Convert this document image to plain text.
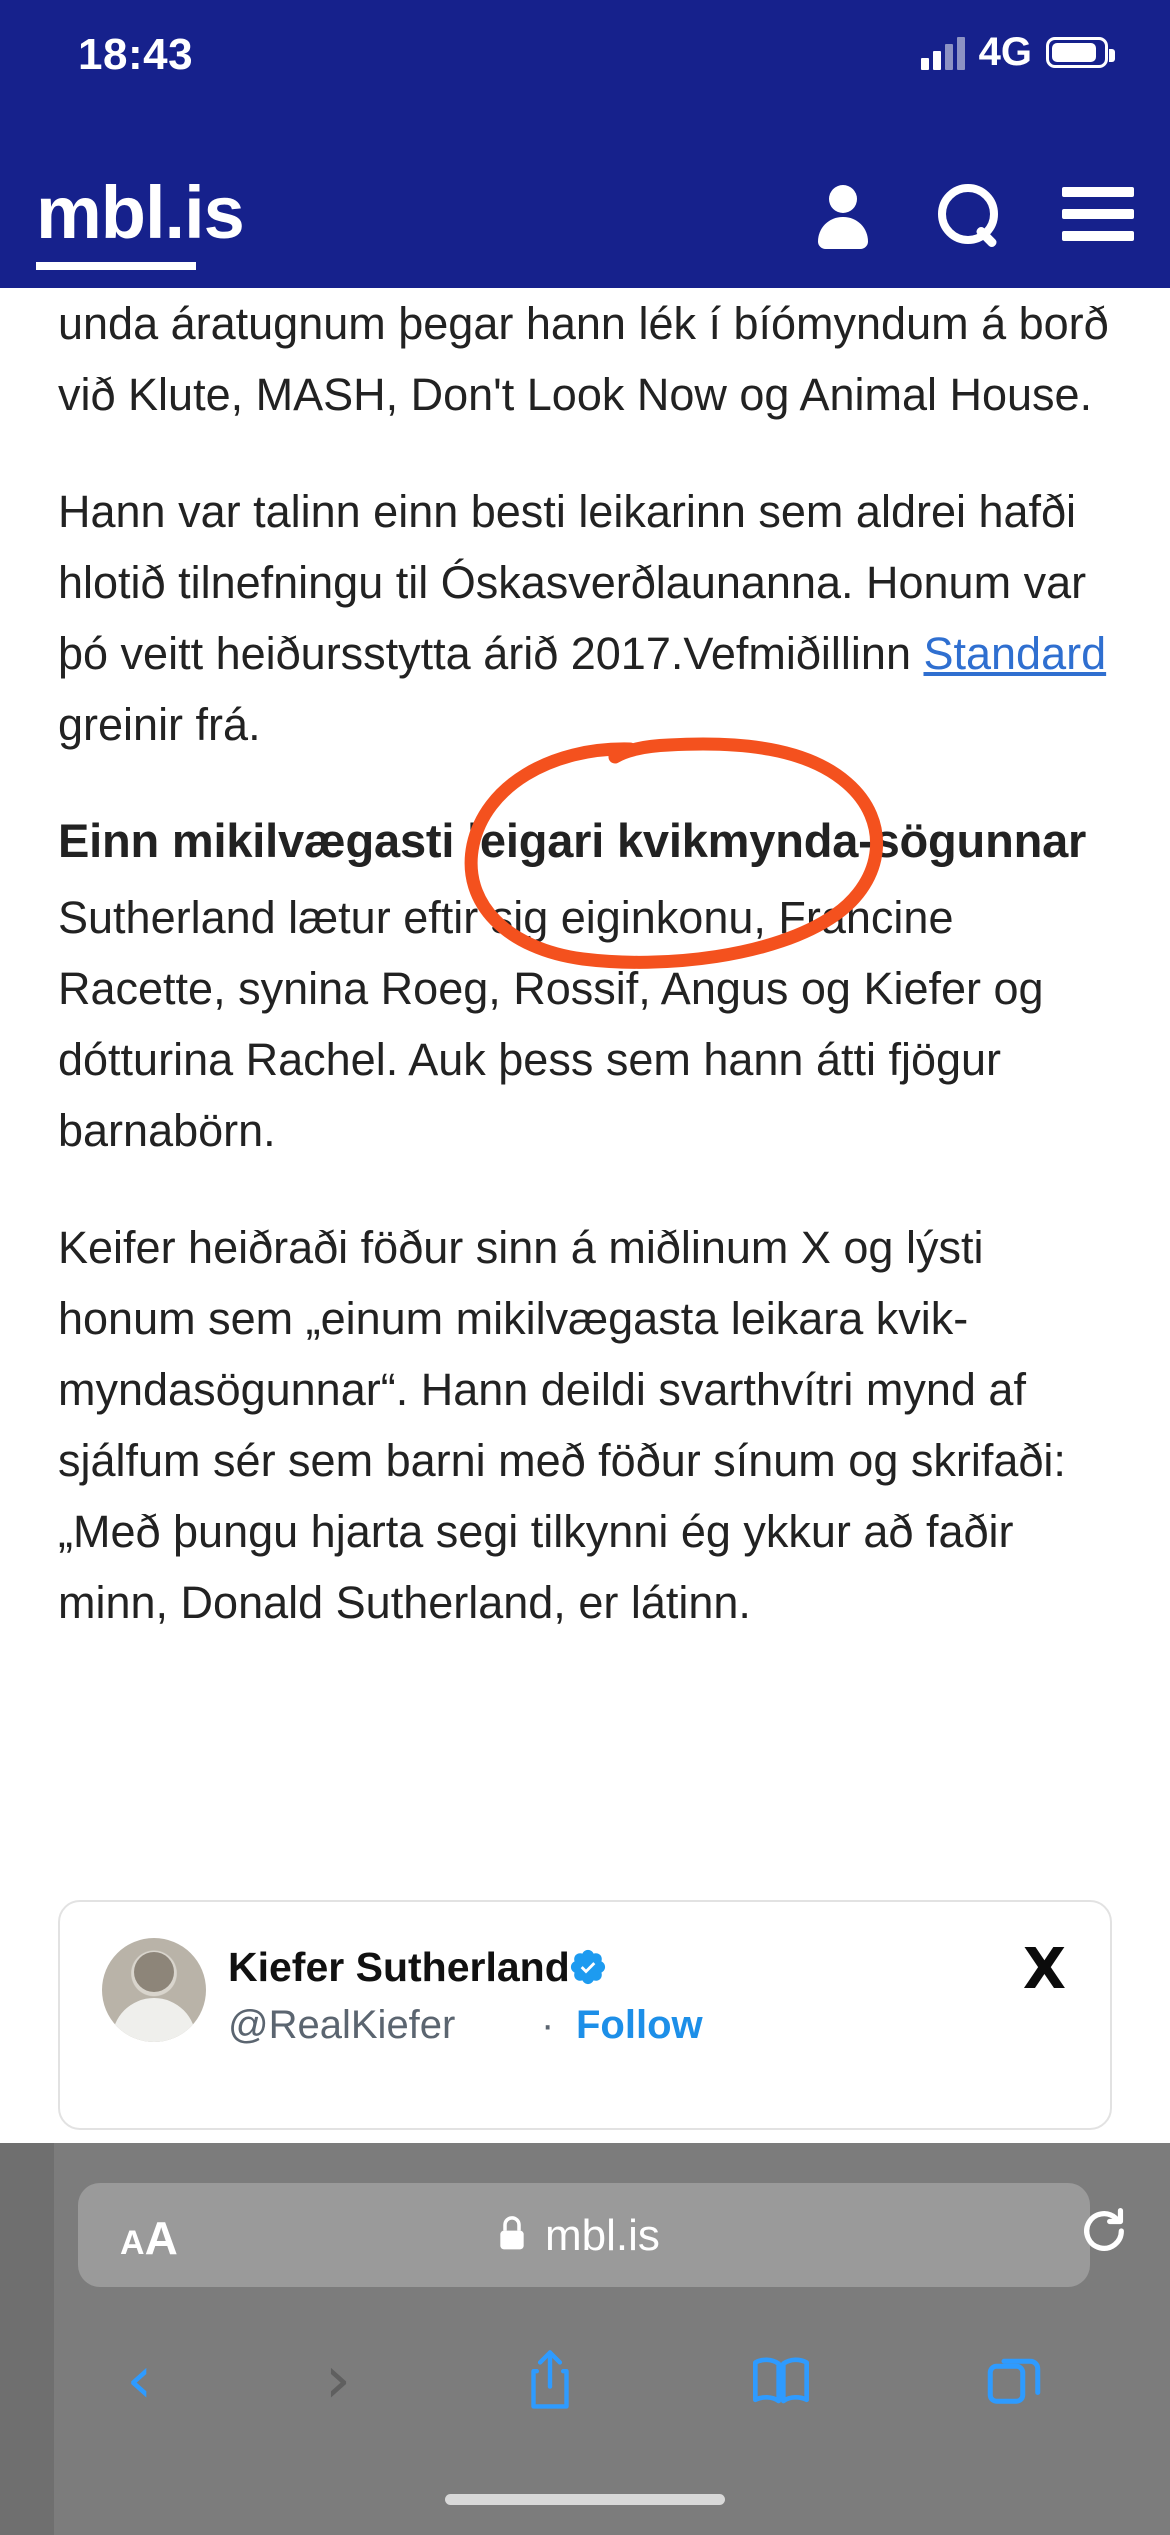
18:43	4G
mbl.is

unda áratugnum þegar hann lék í bíómyndum á borð við Klute, MASH, Don't Look Now og Animal House.

Hann var talinn einn besti leikarinn sem aldrei hafði hlotið tilnefningu til Óskasverðlaunanna. Honum var þó veitt heiðursstytta árið 2017.Vefmiðillinn Standard greinir frá.

Einn mikilvægasti leigari kvikmynda-sögunnar

Sutherland lætur eftir sig eiginkonu, Francine Racette, synina Roeg, Rossif, Angus og Kiefer og dótturina Rachel. Auk þess sem hann átti fjögur barnabörn.

Keifer heiðraði föður sinn á miðlinum X og lýsti honum sem „einum mikilvægasta leikara kvik-myndasögunnar“. Hann deildi svarthvítri mynd af sjálfum sér sem barni með föður sínum og skrifaði: „Með þungu hjarta segi tilkynni ég ykkur að faðir minn, Donald Sutherland, er látinn.

Kiefer Sutherland
@RealKiefer · Follow
X
AA	mbl.is
‹	›
